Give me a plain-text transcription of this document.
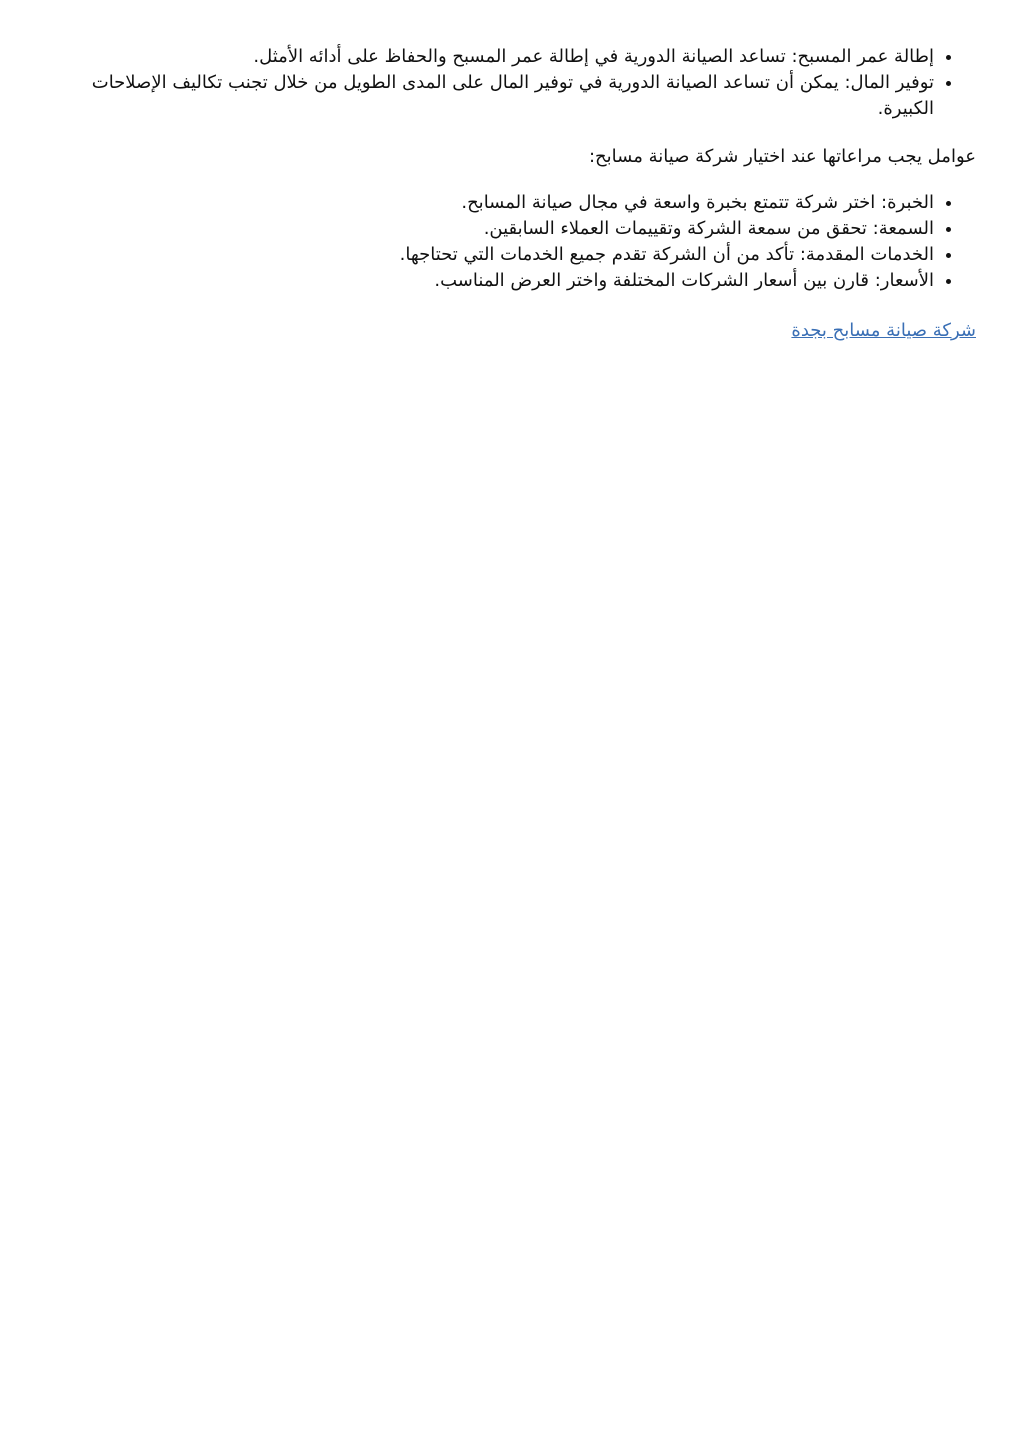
• إطالة عمر المسبح: تساعد الصيانة الدورية في إطالة عمر المسبح والحفاظ على أدائه الأمثل.
• توفير المال: يمكن أن تساعد الصيانة الدورية في توفير المال على المدى الطويل من خلال تجنب تكاليف الإصلاحات الكبيرة.

عوامل يجب مراعاتها عند اختيار شركة صيانة مسابح:

• الخبرة: اختر شركة تتمتع بخبرة واسعة في مجال صيانة المسابح.
• السمعة: تحقق من سمعة الشركة وتقييمات العملاء السابقين.
• الخدمات المقدمة: تأكد من أن الشركة تقدم جميع الخدمات التي تحتاجها.
• الأسعار: قارن بين أسعار الشركات المختلفة واختر العرض المناسب.
شركة صيانة مسابح بجدة
